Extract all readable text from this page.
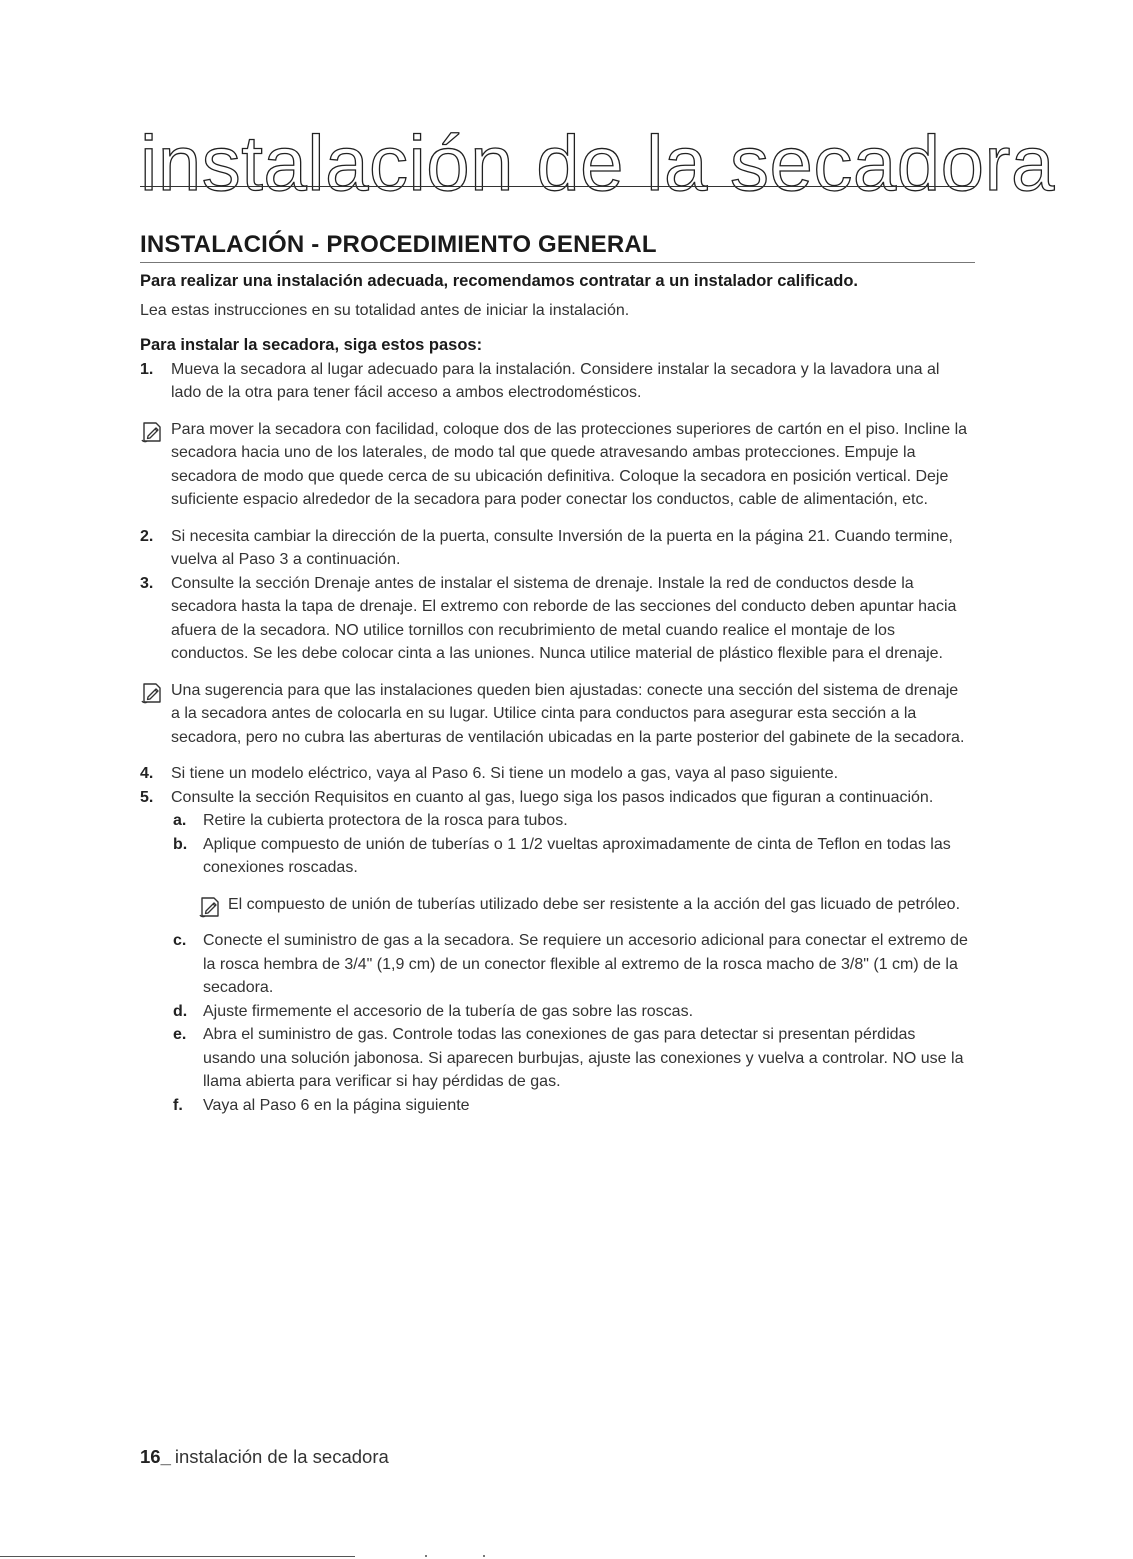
instalación de la secadora
INSTALACIÓN - PROCEDIMIENTO GENERAL

Para realizar una instalación adecuada, recomendamos contratar a un instalador calificado.

Lea estas instrucciones en su totalidad antes de iniciar la instalación.

Para instalar la secadora, siga estos pasos:

1. Mueva la secadora al lugar adecuado para la instalación. Considere instalar la secadora y la lavadora una al lado de la otra para tener fácil acceso a ambos electrodomésticos.

Para mover la secadora con facilidad, coloque dos de las protecciones superiores de cartón en el piso. Incline la secadora hacia uno de los laterales, de modo tal que quede atravesando ambas protecciones. Empuje la secadora de modo que quede cerca de su ubicación definitiva. Coloque la secadora en posición vertical. Deje suficiente espacio alrededor de la secadora para poder conectar los conductos, cable de alimentación, etc.

2. Si necesita cambiar la dirección de la puerta, consulte Inversión de la puerta en la página 21. Cuando termine, vuelva al Paso 3 a continuación.

3. Consulte la sección Drenaje antes de instalar el sistema de drenaje. Instale la red de conductos desde la secadora hasta la tapa de drenaje. El extremo con reborde de las secciones del conducto deben apuntar hacia afuera de la secadora. NO utilice tornillos con recubrimiento de metal cuando realice el montaje de los conductos. Se les debe colocar cinta a las uniones. Nunca utilice material de plástico flexible para el drenaje.

Una sugerencia para que las instalaciones queden bien ajustadas: conecte una sección del sistema de drenaje a la secadora antes de colocarla en su lugar. Utilice cinta para conductos para asegurar esta sección a la secadora, pero no cubra las aberturas de ventilación ubicadas en la parte posterior del gabinete de la secadora.

4. Si tiene un modelo eléctrico, vaya al Paso 6. Si tiene un modelo a gas, vaya al paso siguiente.

5. Consulte la sección Requisitos en cuanto al gas, luego siga los pasos indicados que figuran a continuación.

a. Retire la cubierta protectora de la rosca para tubos.

b. Aplique compuesto de unión de tuberías o 1 1/2 vueltas aproximadamente de cinta de Teflon en todas las conexiones roscadas.

El compuesto de unión de tuberías utilizado debe ser resistente a la acción del gas licuado de petróleo.

c. Conecte el suministro de gas a la secadora. Se requiere un accesorio adicional para conectar el extremo de la rosca hembra de 3/4" (1,9 cm) de un conector flexible al extremo de la rosca macho de 3/8" (1 cm) de la secadora.

d. Ajuste firmemente el accesorio de la tubería de gas sobre las roscas.

e. Abra el suministro de gas. Controle todas las conexiones de gas para detectar si presentan pérdidas usando una solución jabonosa. Si aparecen burbujas, ajuste las conexiones y vuelva a controlar. NO use la llama abierta para verificar si hay pérdidas de gas.

f. Vaya al Paso 6 en la página siguiente

16_ instalación de la secadora
